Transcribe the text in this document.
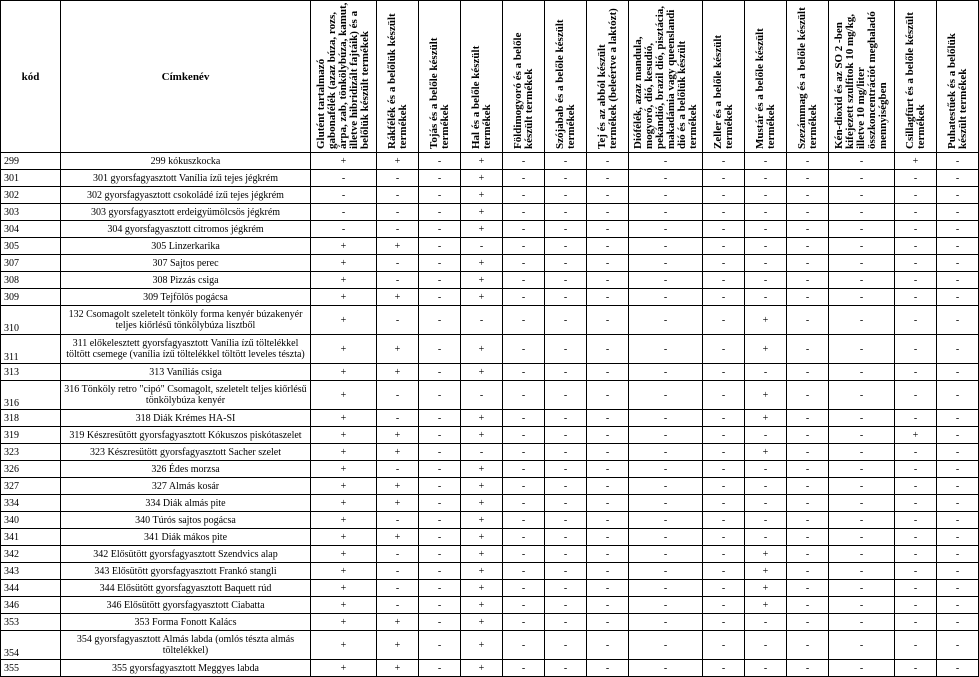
kód	Címkenév	Glutént tartalmazó gabonafélék (azaz búza, rozs, árpa, zab, tönkölybúza, kamut, illetve hibridizált fajtáik) és a belőlük készült termékek	Rákfélék és a belőlük készült termékek	Tojás és a belőle készült termékek	Hal és a belőle készült termékek	Földimogyoró és a belőle készült termékek	Szójabab és a belőle készült termékek	Tej és az abból készült termékek (beleértve a laktózt)	Diófélék, azaz mandula, mogyoró, dió, kesudió, pekándió, brazil dió, pisztácia, makadámia vagy queenslandi dió és a belőlük készült termékek	Zeller és a belőle készült termékek	Mustár és a belőle készült termékek	Szezámmag és a belőle készült termékek	Kén-dioxid és az SO 2 -ben kifejezett szulfitok 10 mg/kg, illetve 10 mg/liter összkoncentrációt meghaladó mennyiségben	Csillagfürt és a belőle készült termékek	Puhatestűek és a belőlük készült termékek
299	299 kókuszkocka	+	+	-	+	-	-	-	-	-	-	-	-	+	-
301	301 gyorsfagyasztott Vanília ízű tejes jégkrém	-	-	-	+	-	-	-	-	-	-	-	-	-	-
302	302 gyorsfagyasztott csokoládé ízű tejes jégkrém	-	-	-	+	-	-	-	-	-	-	-	-	-	-
303	303 gyorsfagyasztott erdeigyümölcsös jégkrém	-	-	-	+	-	-	-	-	-	-	-	-	-	-
304	304 gyorsfagyasztott citromos jégkrém	-	-	-	+	-	-	-	-	-	-	-	-	-	-
305	305 Linzerkarika	+	+	-	-	-	-	-	-	-	-	-	-	-	-
307	307 Sajtos perec	+	-	-	+	-	-	-	-	-	-	-	-	-	-
308	308 Pizzás csiga	+	-	-	+	-	-	-	-	-	-	-	-	-	-
309	309 Tejfölös pogácsa	+	+	-	+	-	-	-	-	-	-	-	-	-	-
310	132 Csomagolt szeletelt tönköly forma kenyér búzakenyér teljes kiőrlésű tönkölybúza lisztből	+	-	-	-	-	-	-	-	-	+	-	-	-	-
311	311 előkelesztett gyorsfagyasztott Vanília ízű töltelékkel töltött csemege (vanília ízű töltelékkel töltött leveles tészta)	+	+	-	+	-	-	-	-	-	+	-	-	-	-
313	313 Vaníliás csiga	+	+	-	+	-	-	-	-	-	-	-	-	-	-
316	316 Tönköly retro "cipó" Csomagolt, szeletelt teljes kiőrlésű tönkölybúza kenyér	+	-	-	-	-	-	-	-	-	+	-	-	-	-
318	318 Diák Krémes HA-SI	+	-	-	+	-	-	-	-	-	+	-	-	-	-
319	319 Készresütött gyorsfagyasztott Kókuszos piskótaszelet	+	+	-	+	-	-	-	-	-	-	-	-	+	-
323	323 Készresütött gyorsfagyasztott Sacher szelet	+	+	-	-	-	-	-	-	-	+	-	-	-	-
326	326 Édes morzsa	+	-	-	+	-	-	-	-	-	-	-	-	-	-
327	327 Almás kosár	+	+	-	+	-	-	-	-	-	-	-	-	-	-
334	334 Diák almás pite	+	+	-	+	-	-	-	-	-	-	-	-	-	-
340	340 Túrós sajtos pogácsa	+	-	-	+	-	-	-	-	-	-	-	-	-	-
341	341 Diák mákos pite	+	+	-	+	-	-	-	-	-	-	-	-	-	-
342	342 Elősütött gyorsfagyasztott Szendvics alap	+	-	-	+	-	-	-	-	-	+	-	-	-	-
343	343 Elősütött gyorsfagyasztott Frankó stangli	+	-	-	+	-	-	-	-	-	+	-	-	-	-
344	344 Elősütött gyorsfagyasztott Baquett rúd	+	-	-	+	-	-	-	-	-	+	-	-	-	-
346	346 Elősütött gyorsfagyasztott Ciabatta	+	-	-	+	-	-	-	-	-	+	-	-	-	-
353	353 Forma Fonott Kalács	+	+	-	+	-	-	-	-	-	-	-	-	-	-
354	354 gyorsfagyasztott Almás labda (omlós tészta almás töltelékkel)	+	+	-	+	-	-	-	-	-	-	-	-	-	-
355	355 gyorsfagyasztott Meggyes labda	+	+	-	+	-	-	-	-	-	-	-	-	-	-
